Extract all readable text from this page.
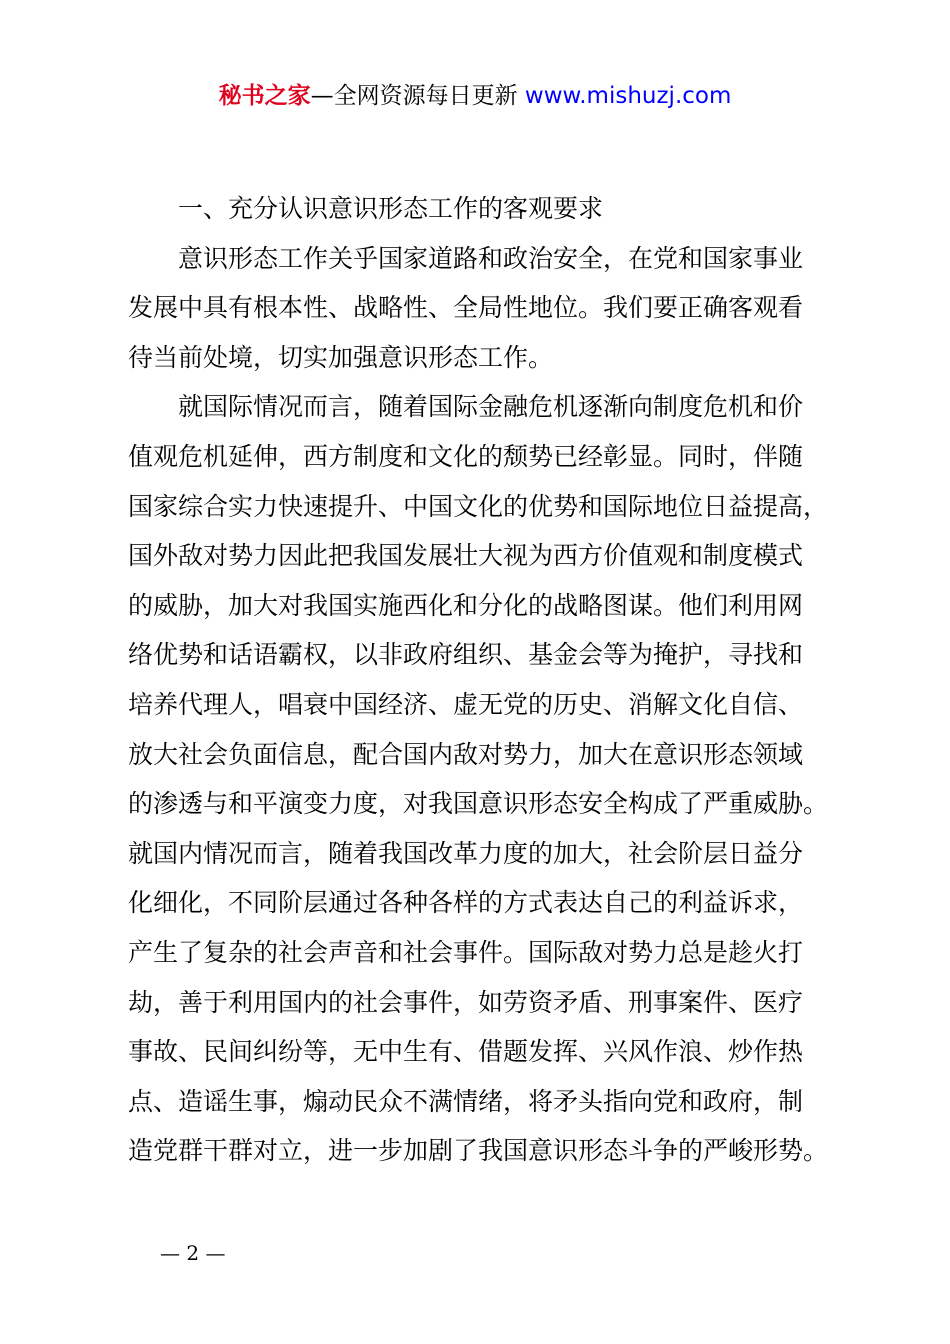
秘书之家—全网资源每日更新 www.mishuzj.com
一、充分认识意识形态工作的客观要求
意识形态工作关乎国家道路和政治安全，在党和国家事业
发展中具有根本性、战略性、全局性地位。我们要正确客观看
待当前处境，切实加强意识形态工作。
就国际情况而言，随着国际金融危机逐渐向制度危机和价
值观危机延伸，西方制度和文化的颓势已经彰显。同时，伴随
国家综合实力快速提升、中国文化的优势和国际地位日益提高，
国外敌对势力因此把我国发展壮大视为西方价值观和制度模式
的威胁，加大对我国实施西化和分化的战略图谋。他们利用网
络优势和话语霸权，以非政府组织、基金会等为掩护，寻找和
培养代理人，唱衰中国经济、虚无党的历史、消解文化自信、
放大社会负面信息，配合国内敌对势力，加大在意识形态领域
的渗透与和平演变力度，对我国意识形态安全构成了严重威胁。
就国内情况而言，随着我国改革力度的加大，社会阶层日益分
化细化，不同阶层通过各种各样的方式表达自己的利益诉求，
产生了复杂的社会声音和社会事件。国际敌对势力总是趁火打
劫，善于利用国内的社会事件，如劳资矛盾、刑事案件、医疗
事故、民间纠纷等，无中生有、借题发挥、兴风作浪、炒作热
点、造谣生事，煽动民众不满情绪，将矛头指向党和政府，制
造党群干群对立，进一步加剧了我国意识形态斗争的严峻形势。
— 2 —
